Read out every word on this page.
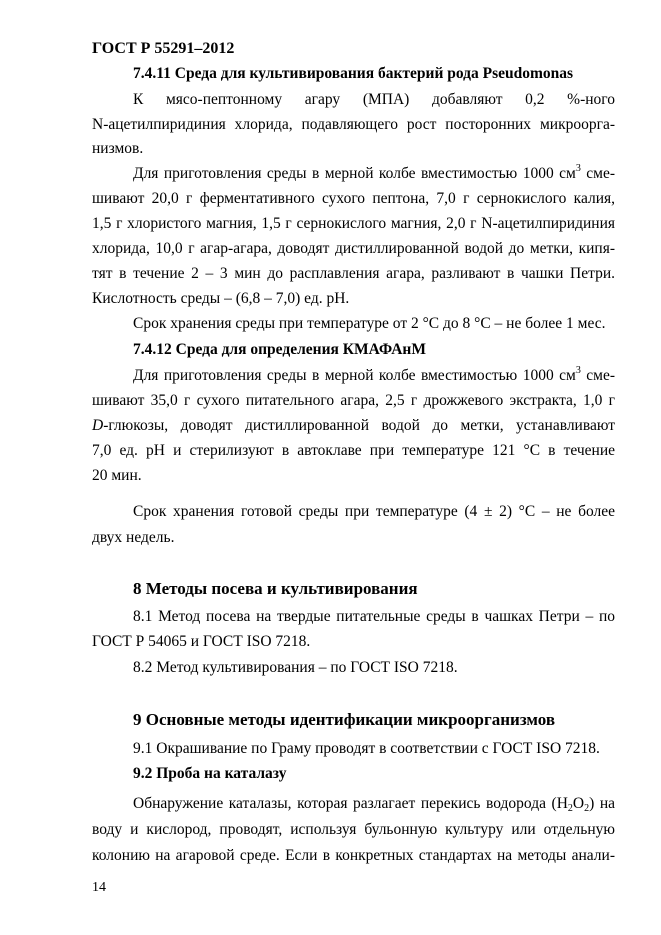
ГОСТ Р 55291–2012
7.4.11 Среда для культивирования бактерий рода Pseudomonas
К мясо-пептонному агару (МПА) добавляют 0,2 %-ного
N-ацетилпиридиния хлорида, подавляющего рост посторонних микроорга-
низмов.
Для приготовления среды в мерной колбе вместимостью 1000 $см^3$ сме-
шивают 20,0 г ферментативного сухого пептона, 7,0 г сернокислого калия,
1,5 г хлористого магния, 1,5 г сернокислого магния, 2,0 г N-ацетилпиридиния
хлорида, 10,0 г агар-агара, доводят дистиллированной водой до метки, кипя-
тят в течение 2 – 3 мин до расплавления агара, разливают в чашки Петри.
Кислотность среды – (6,8 – 7,0) ед. рН.
Срок хранения среды при температуре от 2 °С до 8 °С – не более 1 мес.
7.4.12 Среда для определения КМАФАнМ
Для приготовления среды в мерной колбе вместимостью 1000 $см^3$ сме-
шивают 35,0 г сухого питательного агара, 2,5 г дрожжевого экстракта, 1,0 г
D-глюкозы, доводят дистиллированной водой до метки, устанавливают
7,0 ед. рН и стерилизуют в автоклаве при температуре 121 °С в течение
20 мин.
Срок хранения готовой среды при температуре (4 ± 2) °С – не более
двух недель.
8 Методы посева и культивирования
8.1 Метод посева на твердые питательные среды в чашках Петри – по
ГОСТ Р 54065 и ГОСТ ISO 7218.
8.2 Метод культивирования – по ГОСТ ISO 7218.
9 Основные методы идентификации микроорганизмов
9.1 Окрашивание по Граму проводят в соответствии с ГОСТ ISO 7218.
9.2 Проба на каталазу
Обнаружение каталазы, которая разлагает перекись водорода $(Н_2О_2)$ на
воду и кислород, проводят, используя бульонную культуру или отдельную
колонию на агаровой среде. Если в конкретных стандартах на методы анали-
14
